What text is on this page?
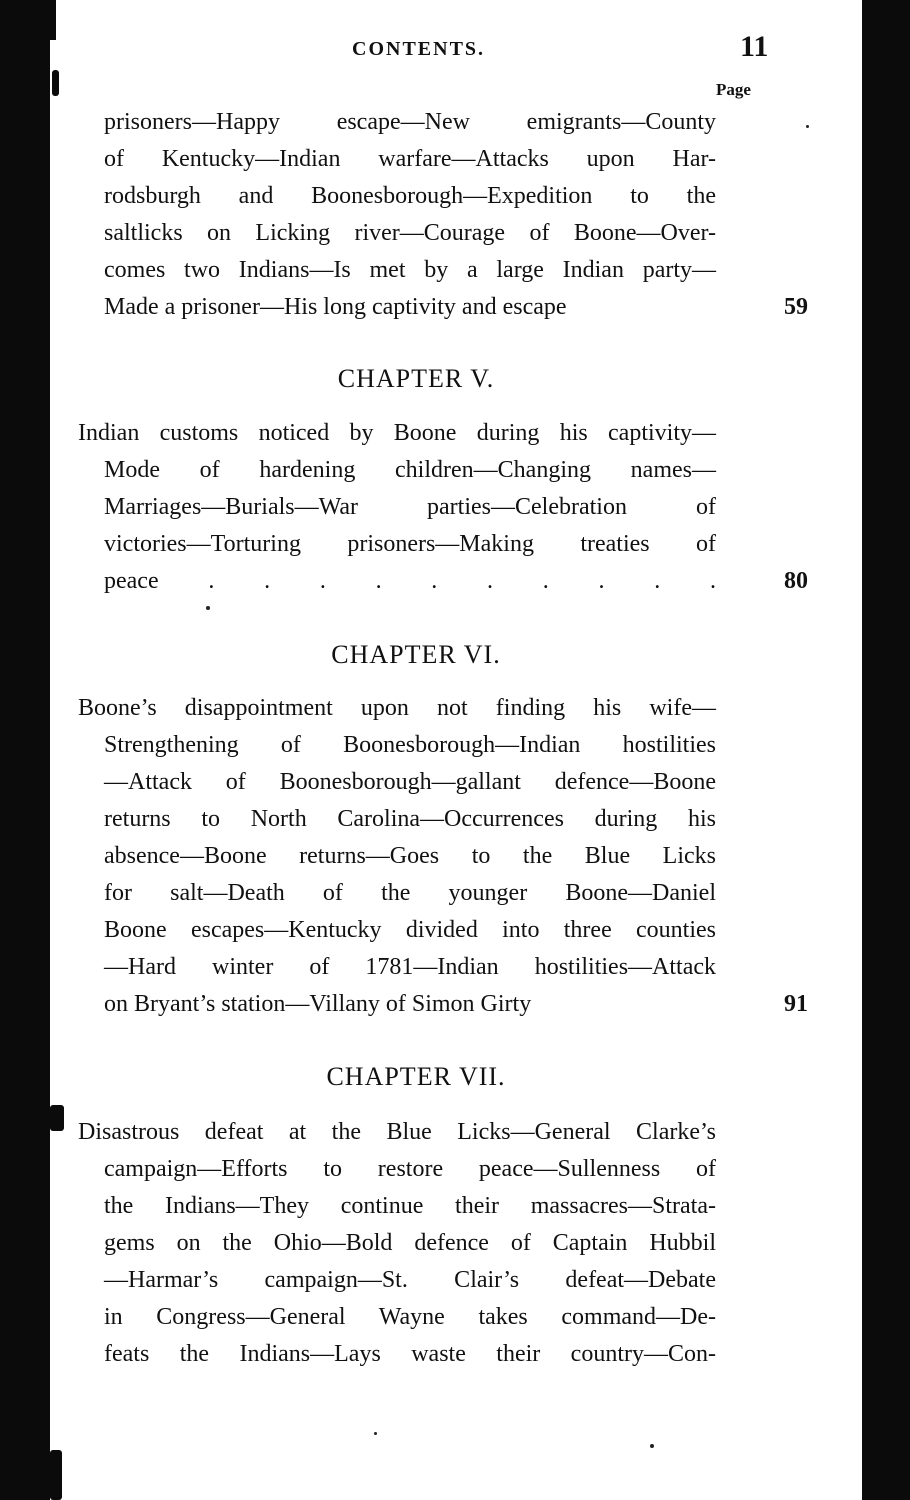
CONTENTS.	11
Page
prisoners—Happy escape—New emigrants—County
of Kentucky—Indian warfare—Attacks upon Har-
rodsburgh and Boonesborough—Expedition to the
saltlicks on Licking river—Courage of Boone—Over-
comes two Indians—Is met by a large Indian party—
Made a prisoner—His long captivity and escape	59
CHAPTER V.
Indian customs noticed by Boone during his captivity—
Mode of hardening children—Changing names—
Marriages—Burials—War parties—Celebration of
victories—Torturing prisoners—Making treaties of
peace . . . . . . . . . .	80
CHAPTER VI.
Boone’s disappointment upon not finding his wife—
Strengthening of Boonesborough—Indian hostilities
—Attack of Boonesborough—gallant defence—Boone
returns to North Carolina—Occurrences during his
absence—Boone returns—Goes to the Blue Licks
for salt—Death of the younger Boone—Daniel
Boone escapes—Kentucky divided into three counties
—Hard winter of 1781—Indian hostilities—Attack
on Bryant’s station—Villany of Simon Girty	91
CHAPTER VII.
Disastrous defeat at the Blue Licks—General Clarke’s
campaign—Efforts to restore peace—Sullenness of
the Indians—They continue their massacres—Strata-
gems on the Ohio—Bold defence of Captain Hubbil
—Harmar’s campaign—St. Clair’s defeat—Debate
in Congress—General Wayne takes command—De-
feats the Indians—Lays waste their country—Con-
